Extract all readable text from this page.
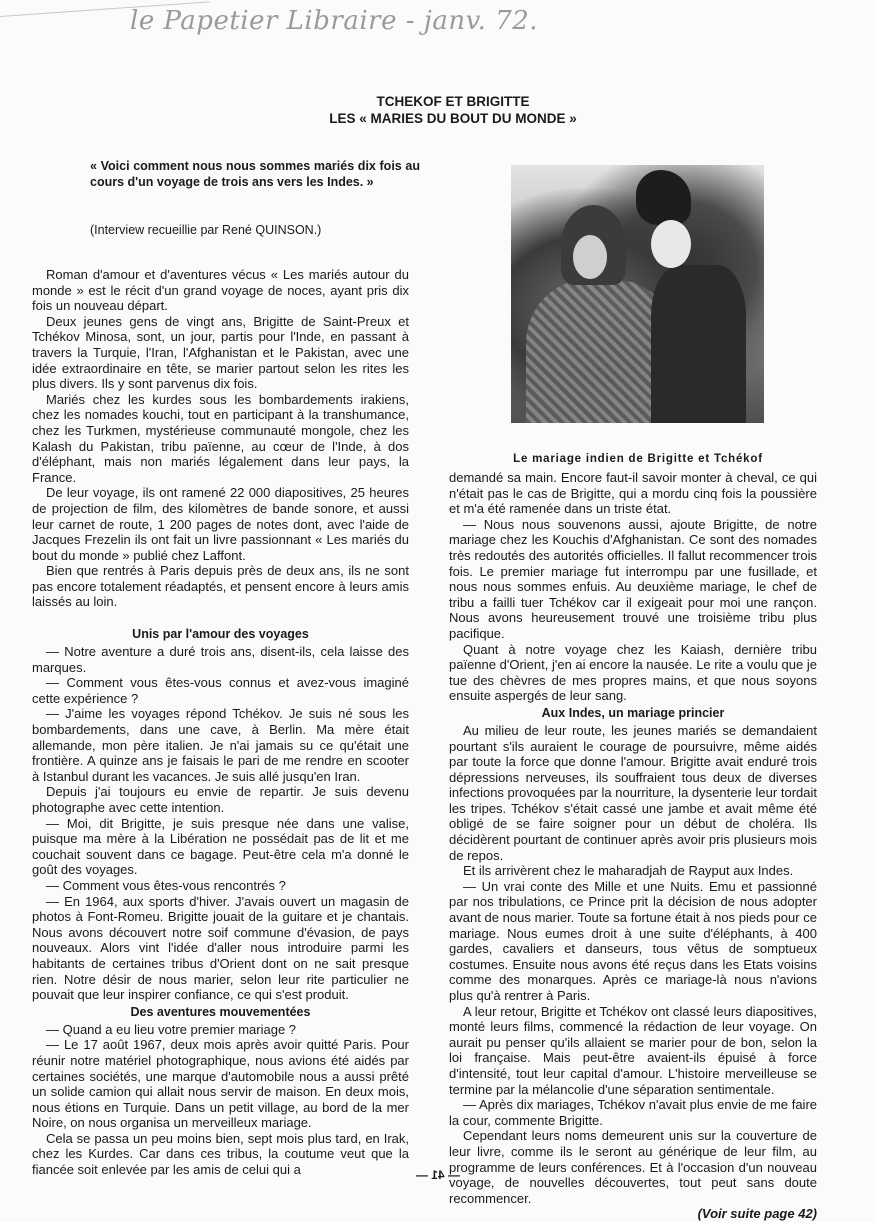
le Papetier Libraire - janv. 72.
TCHEKOF ET BRIGITTE
LES « MARIES DU BOUT DU MONDE »
« Voici comment nous nous sommes mariés dix fois au cours d'un voyage de trois ans vers les Indes. »
(Interview recueillie par René QUINSON.)
Le mariage indien de Brigitte et Tchékof

Roman d'amour et d'aventures vécus « Les mariés autour du monde » est le récit d'un grand voyage de noces, ayant pris dix fois un nouveau départ.

Deux jeunes gens de vingt ans, Brigitte de Saint-Preux et Tchékov Minosa, sont, un jour, partis pour l'Inde, en passant à travers la Turquie, l'Iran, l'Afghanistan et le Pakistan, avec une idée extraordinaire en tête, se marier partout selon les rites les plus divers. Ils y sont parvenus dix fois.

Mariés chez les kurdes sous les bombardements irakiens, chez les nomades kouchi, tout en participant à la transhumance, chez les Turkmen, mystérieuse communauté mongole, chez les Kalash du Pakistan, tribu païenne, au cœur de l'Inde, à dos d'éléphant, mais non mariés légalement dans leur pays, la France.

De leur voyage, ils ont ramené 22 000 diapositives, 25 heures de projection de film, des kilomètres de bande sonore, et aussi leur carnet de route, 1 200 pages de notes dont, avec l'aide de Jacques Frezelin ils ont fait un livre passionnant « Les mariés du bout du monde » publié chez Laffont.

Bien que rentrés à Paris depuis près de deux ans, ils ne sont pas encore totalement réadaptés, et pensent encore à leurs amis laissés au loin.

Unis par l'amour des voyages

— Notre aventure a duré trois ans, disent-ils, cela laisse des marques.

— Comment vous êtes-vous connus et avez-vous imaginé cette expérience ?

— J'aime les voyages répond Tchékov. Je suis né sous les bombardements, dans une cave, à Berlin. Ma mère était allemande, mon père italien. Je n'ai jamais su ce qu'était une frontière. A quinze ans je faisais le pari de me rendre en scooter à Istanbul durant les vacances. Je suis allé jusqu'en Iran.

Depuis j'ai toujours eu envie de repartir. Je suis devenu photographe avec cette intention.

— Moi, dit Brigitte, je suis presque née dans une valise, puisque ma mère à la Libération ne possédait pas de lit et me couchait souvent dans ce bagage. Peut-être cela m'a donné le goût des voyages.

— Comment vous êtes-vous rencontrés ?

— En 1964, aux sports d'hiver. J'avais ouvert un magasin de photos à Font-Romeu. Brigitte jouait de la guitare et je chantais. Nous avons découvert notre soif commune d'évasion, de pays nouveaux. Alors vint l'idée d'aller nous introduire parmi les habitants de certaines tribus d'Orient dont on ne sait presque rien. Notre désir de nous marier, selon leur rite particulier ne pouvait que leur inspirer confiance, ce qui s'est produit.

Des aventures mouvementées

— Quand a eu lieu votre premier mariage ?

— Le 17 août 1967, deux mois après avoir quitté Paris. Pour réunir notre matériel photographique, nous avions été aidés par certaines sociétés, une marque d'automobile nous a aussi prêté un solide camion qui allait nous servir de maison. En deux mois, nous étions en Turquie. Dans un petit village, au bord de la mer Noire, on nous organisa un merveilleux mariage.

Cela se passa un peu moins bien, sept mois plus tard, en Irak, chez les Kurdes. Car dans ces tribus, la coutume veut que la fiancée soit enlevée par les amis de celui qui a

demandé sa main. Encore faut-il savoir monter à cheval, ce qui n'était pas le cas de Brigitte, qui a mordu cinq fois la poussière et m'a été ramenée dans un triste état.

— Nous nous souvenons aussi, ajoute Brigitte, de notre mariage chez les Kouchis d'Afghanistan. Ce sont des nomades très redoutés des autorités officielles. Il fallut recommencer trois fois. Le premier mariage fut interrompu par une fusillade, et nous nous sommes enfuis. Au deuxième mariage, le chef de tribu a failli tuer Tchékov car il exigeait pour moi une rançon. Nous avons heureusement trouvé une troisième tribu plus pacifique.

Quant à notre voyage chez les Kaiash, dernière tribu païenne d'Orient, j'en ai encore la nausée. Le rite a voulu que je tue des chèvres de mes propres mains, et que nous soyons ensuite aspergés de leur sang.

Aux Indes, un mariage princier

Au milieu de leur route, les jeunes mariés se demandaient pourtant s'ils auraient le courage de poursuivre, même aidés par toute la force que donne l'amour. Brigitte avait enduré trois dépressions nerveuses, ils souffraient tous deux de diverses infections provoquées par la nourriture, la dysenterie leur tordait les tripes. Tchékov s'était cassé une jambe et avait même été obligé de se faire soigner pour un début de choléra. Ils décidèrent pourtant de continuer après avoir pris plusieurs mois de repos.

Et ils arrivèrent chez le maharadjah de Rayput aux Indes.

— Un vrai conte des Mille et une Nuits. Emu et passionné par nos tribulations, ce Prince prit la décision de nous adopter avant de nous marier. Toute sa fortune était à nos pieds pour ce mariage. Nous eumes droit à une suite d'éléphants, à 400 gardes, cavaliers et danseurs, tous vêtus de somptueux costumes. Ensuite nous avons été reçus dans les Etats voisins comme des monarques. Après ce mariage-là nous n'avions plus qu'à rentrer à Paris.

A leur retour, Brigitte et Tchékov ont classé leurs diapositives, monté leurs films, commencé la rédaction de leur voyage. On aurait pu penser qu'ils allaient se marier pour de bon, selon la loi française. Mais peut-être avaient-ils épuisé à force d'intensité, tout leur capital d'amour. L'histoire merveilleuse se termine par la mélancolie d'une séparation sentimentale.

— Après dix mariages, Tchékov n'avait plus envie de me faire la cour, commente Brigitte.

Cependant leurs noms demeurent unis sur la couverture de leur livre, comme ils le seront au générique de leur film, au programme de leurs conférences. Et à l'occasion d'un nouveau voyage, de nouvelles découvertes, tout peut sans doute recommencer.

(Voir suite page 42)
— 41 —
